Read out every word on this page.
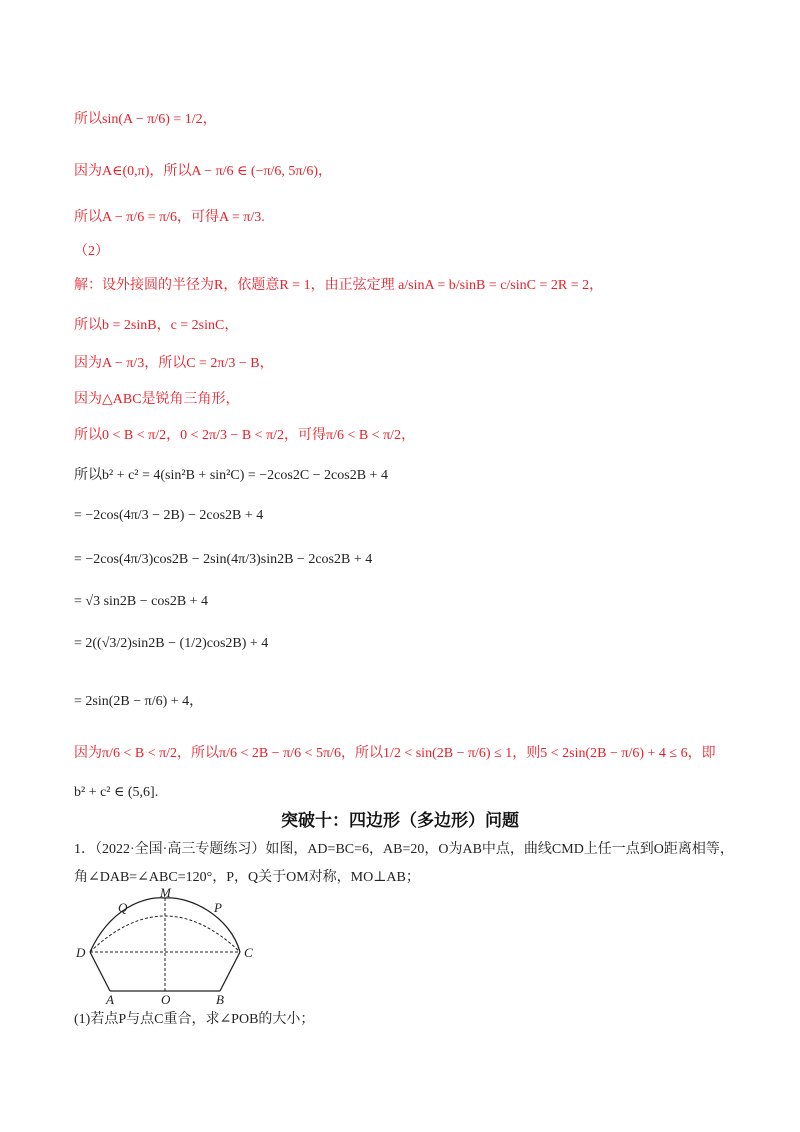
所以sin(A − π/6) = 1/2，
因为A∈(0,π)，所以A − π/6 ∈ (−π/6, 5π/6)，
所以A − π/6 = π/6，可得A = π/3.
（2）
解：设外接圆的半径为R，依题意R = 1，由正弦定理 a/sinA = b/sinB = c/sinC = 2R = 2，
所以b = 2sinB，c = 2sinC，
因为A − π/3，所以C = 2π/3 − B，
因为△ABC是锐角三角形，
所以0 < B < π/2，0 < 2π/3 − B < π/2，可得π/6 < B < π/2，
所以b² + c² = 4(sin²B + sin²C) = −2cos2C − 2cos2B + 4
= −2cos(4π/3 − 2B) − 2cos2B + 4
= −2cos(4π/3)cos2B − 2sin(4π/3)sin2B − 2cos2B + 4
= √3 sin2B − cos2B + 4
= 2((√3/2)sin2B − (1/2)cos2B) + 4
= 2sin(2B − π/6) + 4，
因为π/6 < B < π/2，所以π/6 < 2B − π/6 < 5π/6，所以1/2 < sin(2B − π/6) ≤ 1，则5 < 2sin(2B − π/6) + 4 ≤ 6，即
b² + c² ∈ (5,6].
突破十：四边形（多边形）问题
1．（2022·全国·高三专题练习）如图，AD=BC=6，AB=20，O为AB中点，曲线CMD上任一点到O距离相等，角∠DAB=∠ABC=120°，P，Q关于OM对称，MO⊥AB；
M
Q	P
D	C
A	O	B
(1)若点P与点C重合，求∠POB的大小；
